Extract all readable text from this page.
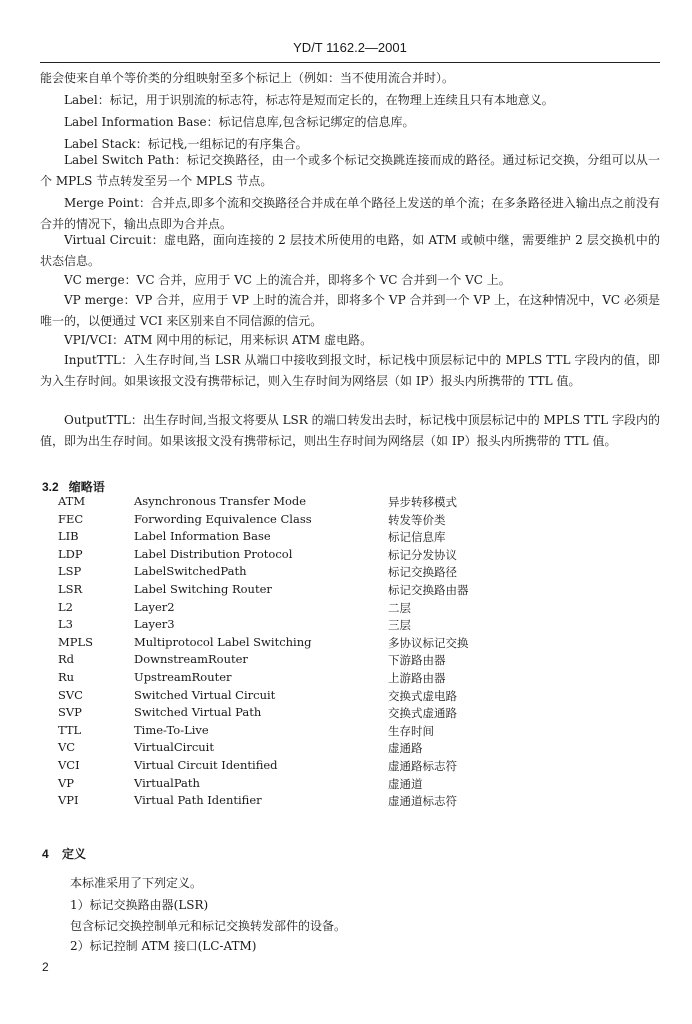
YD/T 1162.2—2001

能会使来自单个等价类的分组映射至多个标记上（例如：当不使用流合并时）。

Label：标记，用于识别流的标志符，标志符是短而定长的，在物理上连续且只有本地意义。

Label Information Base：标记信息库,包含标记绑定的信息库。

Label Stack：标记栈,一组标记的有序集合。

Label Switch Path：标记交换路径，由一个或多个标记交换跳连接而成的路径。通过标记交换，分组可以从一个 MPLS 节点转发至另一个 MPLS 节点。

Merge Point：合并点,即多个流和交换路径合并成在单个路径上发送的单个流；在多条路径进入输出点之前没有合并的情况下，输出点即为合并点。

Virtual Circuit：虚电路，面向连接的 2 层技术所使用的电路，如 ATM 或帧中继，需要维护 2 层交换机中的状态信息。

VC merge：VC 合并，应用于 VC 上的流合并，即将多个 VC 合并到一个 VC 上。

VP merge：VP 合并，应用于 VP 上时的流合并，即将多个 VP 合并到一个 VP 上，在这种情况中，VC 必须是唯一的，以便通过 VCI 来区别来自不同信源的信元。

VPI/VCI：ATM 网中用的标记，用来标识 ATM 虚电路。

InputTTL：入生存时间,当 LSR 从端口中接收到报文时，标记栈中顶层标记中的 MPLS TTL 字段内的值，即为入生存时间。如果该报文没有携带标记，则入生存时间为网络层（如 IP）报头内所携带的 TTL 值。

OutputTTL：出生存时间,当报文将要从 LSR 的端口转发出去时，标记栈中顶层标记中的 MPLS TTL 字段内的值，即为出生存时间。如果该报文没有携带标记，则出生存时间为网络层（如 IP）报头内所携带的 TTL 值。

3.2 缩略语
ATM	Asynchronous Transfer Mode	异步转移模式
FEC	Forwording Equivalence Class	转发等价类
LIB	Label Information Base	标记信息库
LDP	Label Distribution Protocol	标记分发协议
LSP	LabelSwitchedPath	标记交换路径
LSR	Label Switching Router	标记交换路由器
L2	Layer2	二层
L3	Layer3	三层
MPLS	Multiprotocol Label Switching	多协议标记交换
Rd	DownstreamRouter	下游路由器
Ru	UpstreamRouter	上游路由器
SVC	Switched Virtual Circuit	交换式虚电路
SVP	Switched Virtual Path	交换式虚通路
TTL	Time-To-Live	生存时间
VC	VirtualCircuit	虚通路
VCI	Virtual Circuit Identified	虚通路标志符
VP	VirtualPath	虚通道
VPI	Virtual Path Identifier	虚通道标志符
4 定义
本标准采用了下列定义。
1）标记交换路由器(LSR)
包含标记交换控制单元和标记交换转发部件的设备。
2）标记控制 ATM 接口(LC-ATM)
2
